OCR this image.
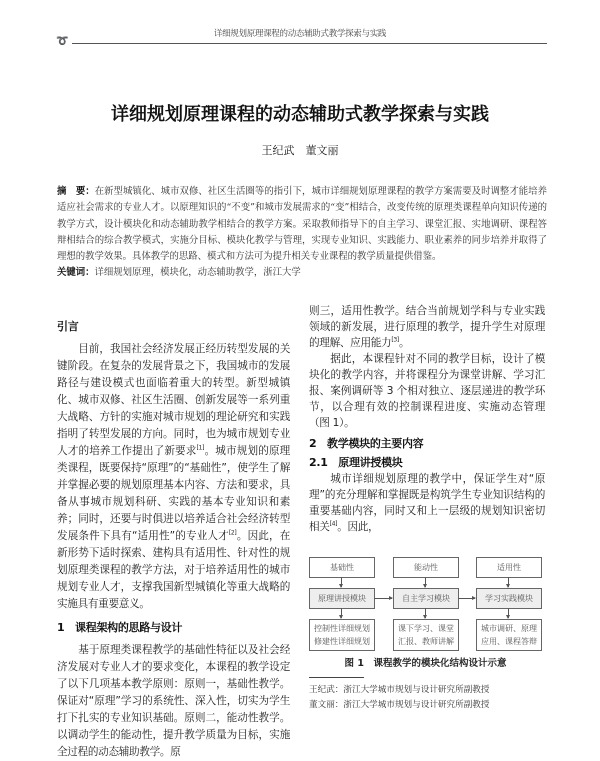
➰
详细规划原理课程的动态辅助式教学探索与实践
详细规划原理课程的动态辅助式教学探索与实践
王纪武　董文丽
摘　要：在新型城镇化、城市双修、社区生活圈等的指引下，城市详细规划原理课程的教学方案需要及时调整才能培养适应社会需求的专业人才。以原理知识的“不变”和城市发展需求的“变”相结合，改变传统的原理类课程单向知识传递的教学方式，设计模块化和动态辅助教学相结合的教学方案。采取教师指导下的自主学习、课堂汇报、实地调研、课程答辩相结合的综合教学模式，实施分目标、模块化教学与管理，实现专业知识、实践能力、职业素养的同步培养并取得了理想的教学效果。具体教学的思路、模式和方法可为提升相关专业课程的教学质量提供借鉴。
关键词：详细规划原理，模块化，动态辅助教学，浙江大学
引言

目前，我国社会经济发展正经历转型发展的关键阶段。在复杂的发展背景之下，我国城市的发展路径与建设模式也面临着重大的转型。新型城镇化、城市双修、社区生活圈、创新发展等一系列重大战略、方针的实施对城市规划的理论研究和实践指明了转型发展的方向。同时，也为城市规划专业人才的培养工作提出了新要求[1]。城市规划的原理类课程，既要保持“原理”的“基础性”，使学生了解并掌握必要的规划原理基本内容、方法和要求，具备从事城市规划科研、实践的基本专业知识和素养；同时，还要与时俱进以培养适合社会经济转型发展条件下具有“适用性”的专业人才[2]。因此，在新形势下适时探索、建构具有适用性、针对性的规划原理类课程的教学方法，对于培养适用性的城市规划专业人才，支撑我国新型城镇化等重大战略的实施具有重要意义。

1　课程架构的思路与设计

基于原理类课程教学的基础性特征以及社会经济发展对专业人才的要求变化，本课程的教学设定了以下几项基本教学原则：原则一，基础性教学。保证对“原理”学习的系统性、深入性，切实为学生打下扎实的专业知识基础。原则二，能动性教学。以调动学生的能动性，提升教学质量为目标，实施全过程的动态辅助教学。原

则三，适用性教学。结合当前规划学科与专业实践领域的新发展，进行原理的教学，提升学生对原理的理解、应用能力[3]。

据此，本课程针对不同的教学目标，设计了模块化的教学内容，并将课程分为课堂讲解、学习汇报、案例调研等 3 个相对独立、逐层递进的教学环节，以合理有效的控制课程进度、实施动态管理（图 1）。

2　教学模块的主要内容
2.1　原理讲授模块

城市详细规划原理的教学中，保证学生对“原理”的充分理解和掌握既是构筑学生专业知识结构的重要基础内容，同时又和上一层级的规划知识密切相关[4]。因此，

基础性	能动性	适用性
原理讲授模块	自主学习模块	学习实践模块
控制性详细规划
修建性详细规划
课下学习、课堂
汇报、教师讲解
城市调研、原理
应用、课程答辩
图 1　课程教学的模块化结构设计示意
王纪武：浙江大学城市规划与设计研究所副教授
董文丽：浙江大学城市规划与设计研究所副教授
